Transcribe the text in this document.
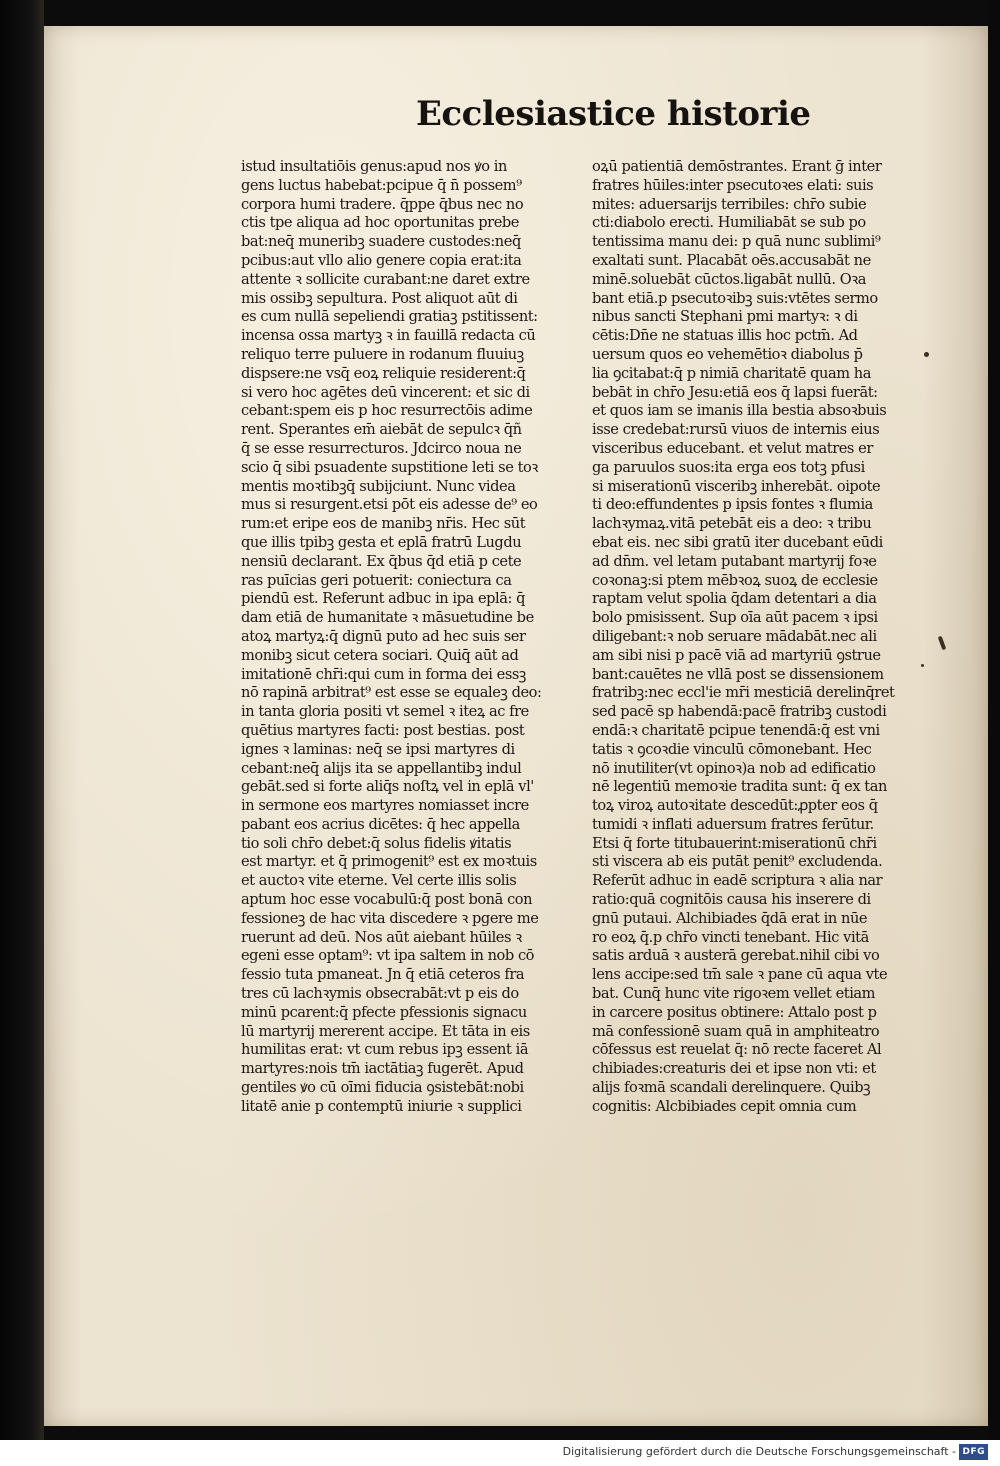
Ecclesiastice historie
istud insultatiōis genus:apud nos ꝟo in
gens luctus habebat:pcipue q̄ n̄ possem⁹
corpora humi tradere. q̄ppe q̄bus nec no
ctis tpe aliqua ad hoc oportunitas prebe
bat:neq̄ muneribꝫ suadere custodes:neq̄
pcibus:aut vllo alio genere copia erat:ita
attente ꝛ sollicite curabant:ne daret extre
mis ossibꝫ sepultura. Post aliquot aūt di
es cum nullā sepeliendi gratiaꝫ pstitissent:
incensa ossa martyꝫ ꝛ in fauillā redacta cū
reliquo terre puluere in rodanum fluuiuꝫ
dispsere:ne vsq̄ eoꝝ reliquie residerent:q̄
si vero hoc agētes deū vincerent: et sic di
cebant:spem eis p hoc resurrectōis adime
rent. Sperantes em̄ aiebāt de sepulcꝛ q̄ñ
q̄ se esse resurrecturos. Jdcirco noua ne
scio q̄ sibi psuadente supstitione leti se toꝛ
mentis moꝛtibꝫq̄ subijciunt. Nunc videa
mus si resurgent.etsi pōt eis adesse de⁹ eo
rum:et eripe eos de manibꝫ nr̄is. Hec sūt
que illis tpibꝫ gesta et eplā fratrū Lugdu
nensiū declarant. Ex q̄bus q̄d etiā p cete
ras puīcias geri potuerit: coniectura ca
piendū est. Referunt adbuc in ipa eplā: q̄
dam etiā de humanitate ꝛ māsuetudine be
atoꝝ martyꝝ:q̄ dignū puto ad hec suis ser
monibꝫ sicut cetera sociari. Quiq̄ aūt ad
imitationē chr̄i:qui cum in forma dei essꝫ
nō rapinā arbitrat⁹ est esse se equaleꝫ deo:
in tanta gloria positi vt semel ꝛ iteꝝ ac fre
quētius martyres facti: post bestias. post
ignes ꝛ laminas: neq̄ se ipsi martyres di
cebant:neq̄ alijs ita se appellantibꝫ indul
gebāt.sed si forte aliq̄s noſtꝝ vel in eplā vl'
in sermone eos martyres nomiasset incre
pabant eos acrius dicētes: q̄ hec appella
tio soli chr̄o debet:q̄ solus fidelis ꝟitatis
est martyr. et q̄ primogenit⁹ est ex moꝛtuis
et auctoꝛ vite eterne. Vel certe illis solis
aptum hoc esse vocabulū:q̄ post bonā con
fessioneꝫ de hac vita discedere ꝛ pgere me
ruerunt ad deū. Nos aūt aiebant hūiles ꝛ
egeni esse optam⁹: vt ipa saltem in nob cō
fessio tuta pmaneat. Jn q̄ etiā ceteros fra
tres cū lachꝛymis obsecrabāt:vt p eis do
minū pcarent:q̄ pfecte pfessionis signacu
lū martyrij mererent accipe. Et tāta in eis
humilitas erat: vt cum rebus ipꝫ essent iā
martyres:nois tm̄ iactātiaꝫ fugerēt. Apud
gentiles ꝟo cū oīmi fiducia ꝯsistebāt:nobi
litatē anie p contemptū iniurie ꝛ supplici
oꝝū patientiā demōstrantes. Erant ḡ inter
fratres hūiles:inter psecutoꝛes elati: suis
mites: aduersarijs terribiles: chr̄o subie
cti:diabolo erecti. Humiliabāt se sub po
tentissima manu dei: p quā nunc sublimi⁹
exaltati sunt. Placabāt oēs.accusabāt ne
minē.soluebāt cūctos.ligabāt nullū. Oꝛa
bant etiā.p psecutoꝛibꝫ suis:vtētes sermo
nibus sancti Stephani pmi martyꝛ: ꝛ di
cētis:Dn̄e ne statuas illis hoc pctm̄. Ad
uersum quos eo vehemētioꝛ diabolus p̄
lia ꝯcitabat:q̄ p nimiā charitatē quam ha
bebāt in chr̄o Jesu:etiā eos q̄ lapsi fuerāt:
et quos iam se imanis illa bestia absoꝛbuis
isse credebat:rursū viuos de internis eius
visceribus educebant. et velut matres er
ga paruulos suos:ita erga eos totꝫ pfusi
si miserationū visceribꝫ inherebāt. oipote
ti deo:effundentes p ipsis fontes ꝛ flumia
lachꝛymaꝝ.vitā petebāt eis a deo: ꝛ tribu
ebat eis. nec sibi gratū iter ducebant eūdi
ad dn̄m. vel letam putabant martyrij foꝛe
coꝛonaꝫ:si ptem mēbꝛoꝝ suoꝝ de ecclesie
raptam velut spolia q̄dam detentari a dia
bolo pmisissent. Sup oīa aūt pacem ꝛ ipsi
diligebant:ꝛ nob seruare mādabāt.nec ali
am sibi nisi p pacē viā ad martyriū ꝯstrue
bant:cauētes ne vllā post se dissensionem
fratribꝫ:nec eccl'ie mr̄i mesticiā derelinq̄ret
sed pacē sp habendā:pacē fratribꝫ custodi
endā:ꝛ charitatē pcipue tenendā:q̄ est vni
tatis ꝛ ꝯcoꝛdie vinculū cōmonebant. Hec
nō inutiliter(vt opinoꝛ)a nob ad edificatio
nē legentiū memoꝛie tradita sunt: q̄ ex tan
toꝝ viroꝝ autoꝛitate descedūt:ꝓpter eos q̄
tumidi ꝛ inflati aduersum fratres ferūtur.
Etsi q̄ forte titubauerint:miserationū chr̄i
sti viscera ab eis putāt penit⁹ excludenda.
Referūt adhuc in eadē scriptura ꝛ alia nar
ratio:quā cognitōis causa his inserere di
gnū putaui. Alchibiades q̄dā erat in nūe
ro eoꝝ q̄.p chr̄o vincti tenebant. Hic vitā
satis arduā ꝛ austerā gerebat.nihil cibi vo
lens accipe:sed tm̄ sale ꝛ pane cū aqua vte
bat. Cunq̄ hunc vite rigoꝛem vellet etiam
in carcere positus obtinere: Attalo post p
mā confessionē suam quā in amphiteatro
cōfessus est reuelat q̄: nō recte faceret Al
chibiades:creaturis dei et ipse non vti: et
alijs foꝛmā scandali derelinquere. Quibꝫ
cognitis: Alcbibiades cepit omnia cum
Digitalisierung gefördert durch die Deutsche Forschungsgemeinschaft - DFG
